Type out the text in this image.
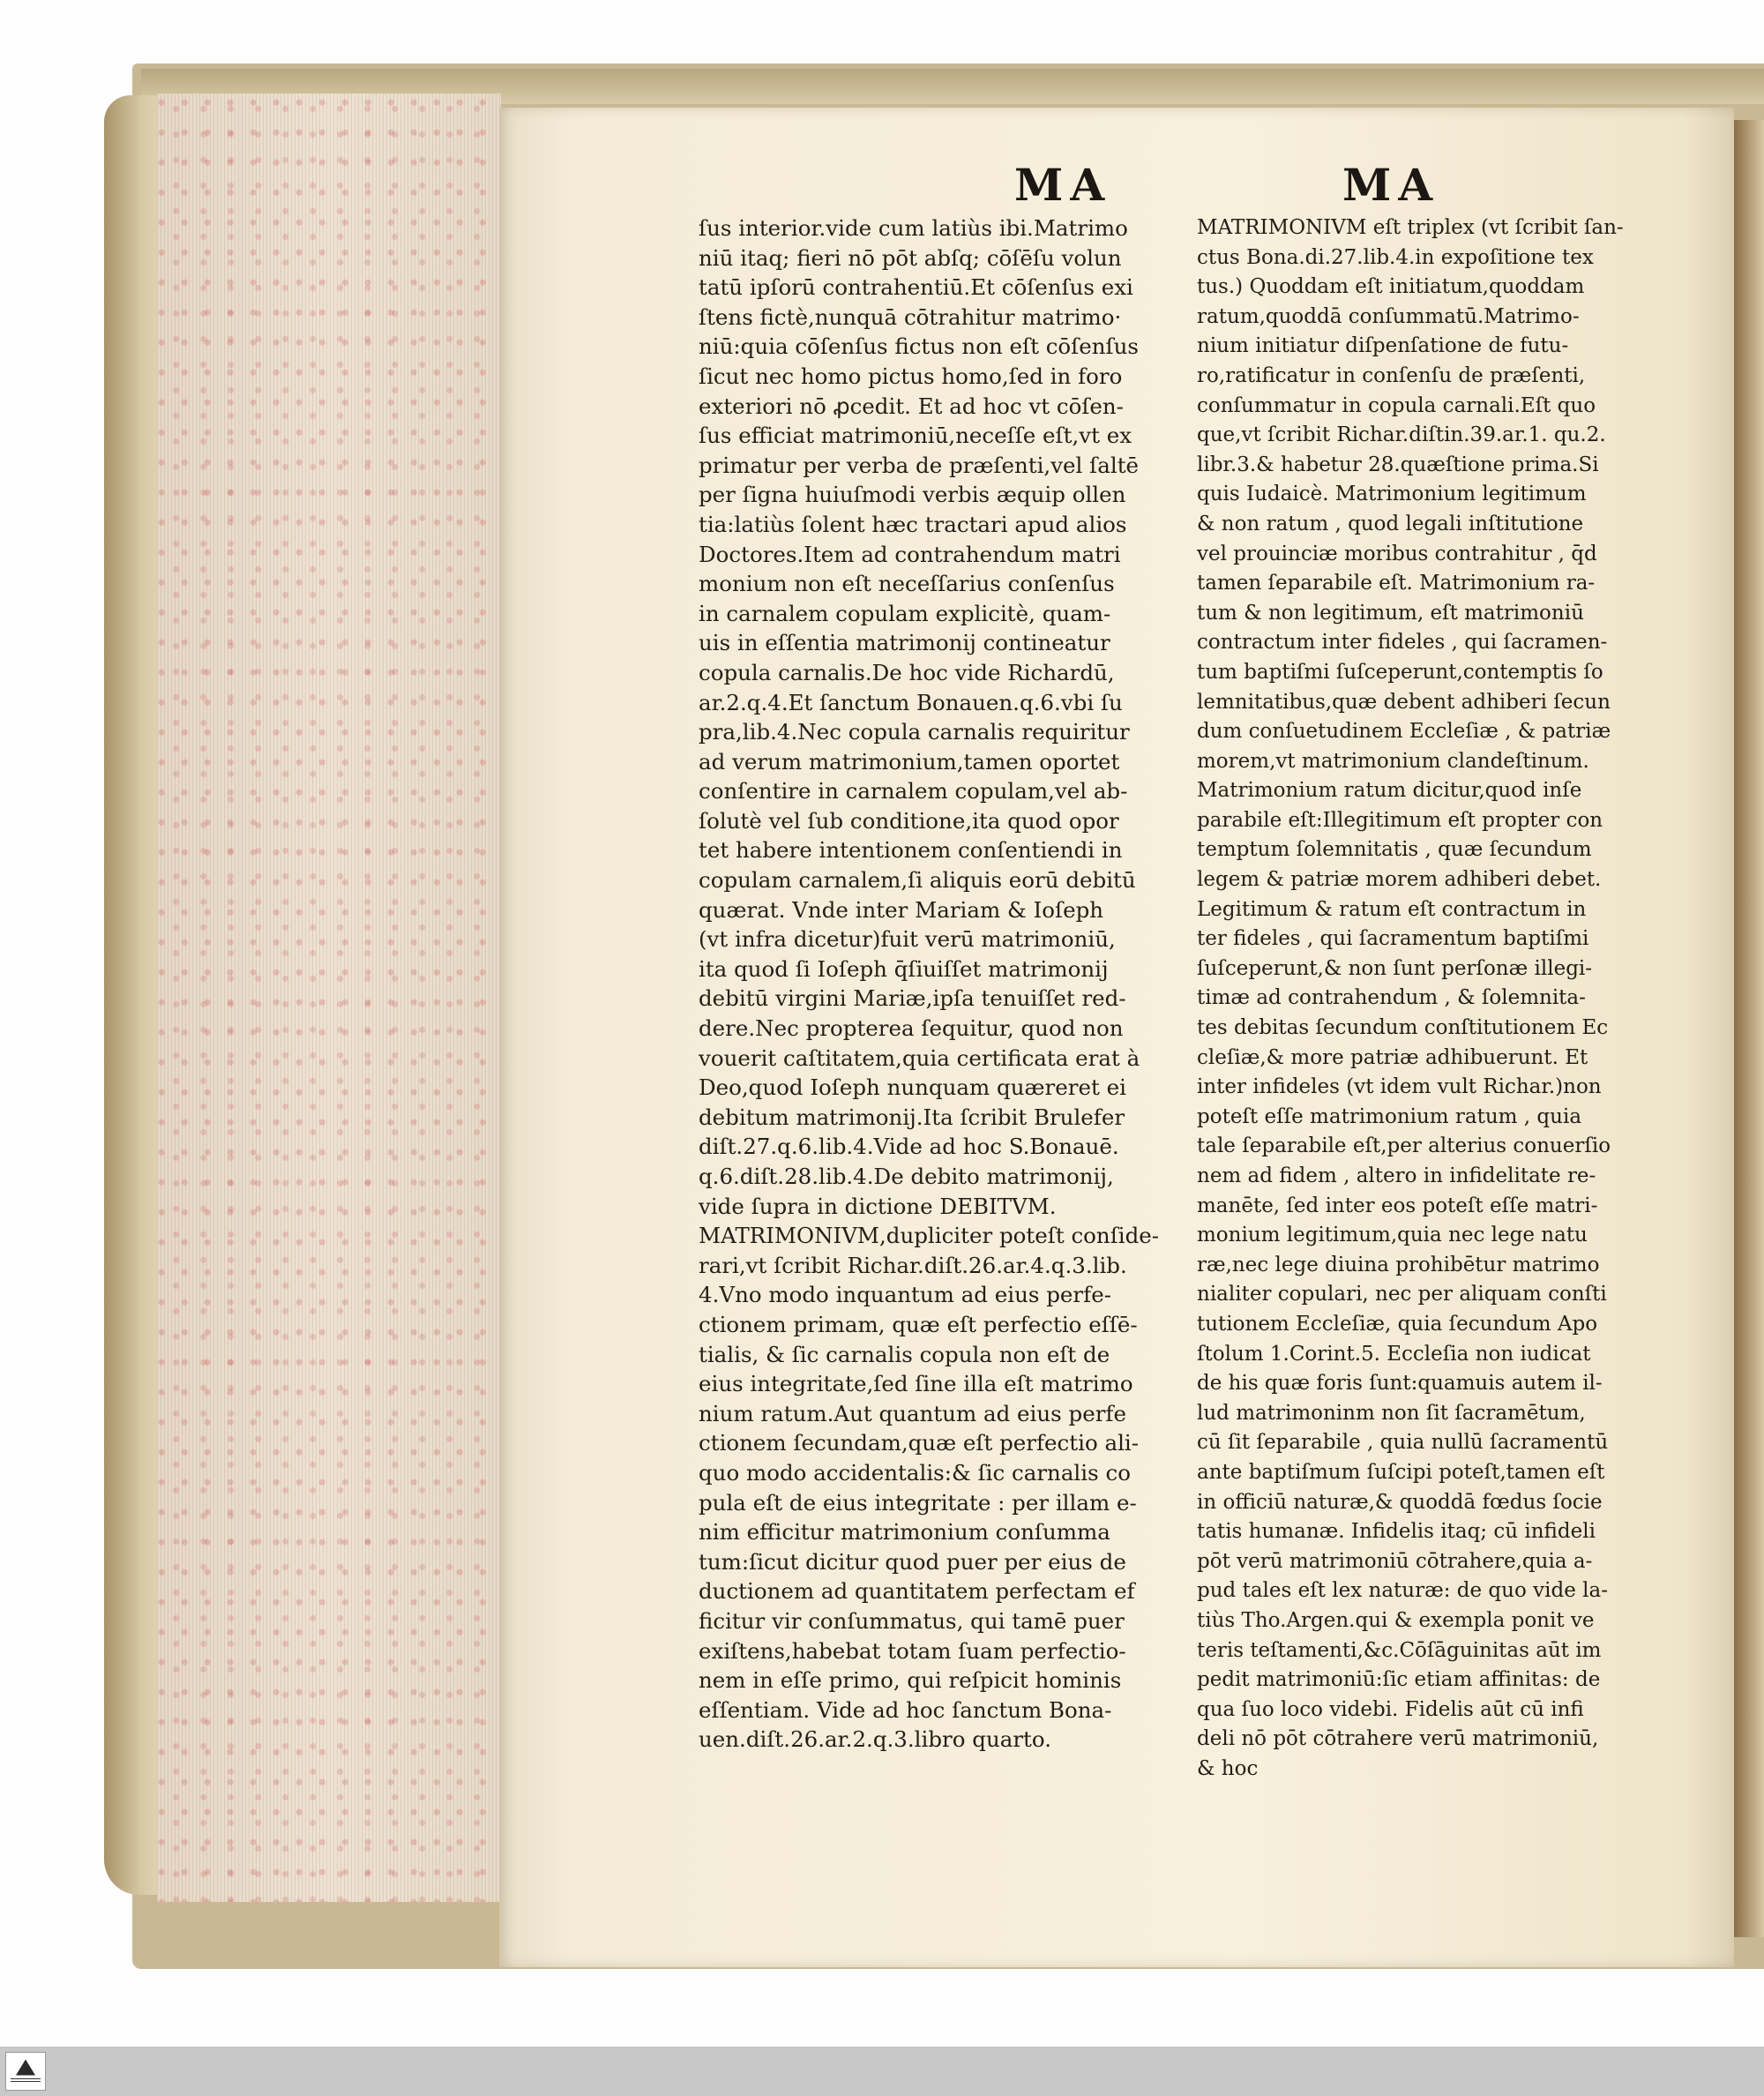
MA	MA
ſus interior.vide cum latiùs ibi.Matrimo
niū itaq; fieri nō pōt abſq; cōſēſu volun
tatū ipſorū contrahentiū.Et cōſenſus exi
ſtens fictè,nunquā cōtrahitur matrimo·
niū:quia cōſenſus fictus non eſt cōſenſus
ſicut nec homo pictus homo,ſed in foro
exteriori nō ꝓcedit. Et ad hoc vt cōſen-
ſus efficiat matrimoniū,neceſſe eſt,vt ex
primatur per verba de præſenti,vel ſaltē
per ſigna huiuſmodi verbis æquip ollen
tia:latiùs ſolent hæc tractari apud alios
Doctores.Item ad contrahendum matri
monium non eſt neceſſarius conſenſus
in carnalem copulam explicitè, quam-
uis in eſſentia matrimonij contineatur
copula carnalis.De hoc vide Richardū,
ar.2.q.4.Et ſanctum Bonauen.q.6.vbi ſu
pra,lib.4.Nec copula carnalis requiritur
ad verum matrimonium,tamen oportet
conſentire in carnalem copulam,vel ab-
ſolutè vel ſub conditione,ita quod opor
tet habere intentionem conſentiendi in
copulam carnalem,ſi aliquis eorū debitū
quærat. Vnde inter Mariam & Ioſeph
(vt infra dicetur)fuit verū matrimoniū,
ita quod ſi Ioſeph q̄ſiuiſſet matrimonij
debitū virgini Mariæ,ipſa tenuiſſet red-
dere.Nec propterea ſequitur, quod non
vouerit caſtitatem,quia certificata erat à
Deo,quod Ioſeph nunquam quæreret ei
debitum matrimonij.Ita ſcribit Brulefer
diſt.27.q.6.lib.4.Vide ad hoc S.Bonauē.
q.6.diſt.28.lib.4.De debito matrimonij,
vide ſupra in dictione DEBITVM.
MATRIMONIVM,dupliciter poteſt conſide-
rari,vt ſcribit Richar.diſt.26.ar.4.q.3.lib.
4.Vno modo inquantum ad eius perfe-
ctionem primam, quæ eſt perfectio eſſē-
tialis, & ſic carnalis copula non eſt de
eius integritate,ſed ſine illa eſt matrimo
nium ratum.Aut quantum ad eius perfe
ctionem ſecundam,quæ eſt perfectio ali-
quo modo accidentalis:& ſic carnalis co
pula eſt de eius integritate : per illam e-
nim efficitur matrimonium conſumma
tum:ſicut dicitur quod puer per eius de
ductionem ad quantitatem perfectam ef
ficitur vir conſummatus, qui tamē puer
exiſtens,habebat totam ſuam perfectio-
nem in eſſe primo, qui reſpicit hominis
eſſentiam. Vide ad hoc ſanctum Bona-
uen.diſt.26.ar.2.q.3.libro quarto.
MATRIMONIVM eſt triplex (vt ſcribit ſan-
ctus Bona.di.27.lib.4.in expoſitione tex
tus.) Quoddam eſt initiatum,quoddam
ratum,quoddā conſummatū.Matrimo-
nium initiatur diſpenſatione de futu-
ro,ratificatur in conſenſu de præſenti,
conſummatur in copula carnali.Eſt quo
que,vt ſcribit Richar.diſtin.39.ar.1. qu.2.
libr.3.& habetur 28.quæſtione prima.Si
quis Iudaicè. Matrimonium legitimum
& non ratum , quod legali inſtitutione
vel prouinciæ moribus contrahitur , q̄d
tamen ſeparabile eſt. Matrimonium ra-
tum & non legitimum, eſt matrimoniū
contractum inter fideles , qui ſacramen-
tum baptiſmi ſuſceperunt,contemptis ſo
lemnitatibus,quæ debent adhiberi ſecun
dum conſuetudinem Eccleſiæ , & patriæ
morem,vt matrimonium clandeſtinum.
Matrimonium ratum dicitur,quod inſe
parabile eſt:Illegitimum eſt propter con
temptum ſolemnitatis , quæ ſecundum
legem & patriæ morem adhiberi debet.
Legitimum & ratum eſt contractum in
ter fideles , qui ſacramentum baptiſmi
ſuſceperunt,& non ſunt perſonæ illegi-
timæ ad contrahendum , & ſolemnita-
tes debitas ſecundum conſtitutionem Ec
cleſiæ,& more patriæ adhibuerunt. Et
inter infideles (vt idem vult Richar.)non
poteſt eſſe matrimonium ratum , quia
tale ſeparabile eſt,per alterius conuerſio
nem ad fidem , altero in infidelitate re-
manēte, ſed inter eos poteſt eſſe matri-
monium legitimum,quia nec lege natu
ræ,nec lege diuina prohibētur matrimo
nialiter copulari, nec per aliquam conſti
tutionem Eccleſiæ, quia ſecundum Apo
ſtolum 1.Corint.5. Eccleſia non iudicat
de his quæ foris ſunt:quamuis autem il-
lud matrimoninm non ſit ſacramētum,
cū ſit ſeparabile , quia nullū ſacramentū
ante baptiſmum ſuſcipi poteſt,tamen eſt
in officiū naturæ,& quoddā fœdus ſocie
tatis humanæ. Infidelis itaq; cū infideli
pōt verū matrimoniū cōtrahere,quia a-
pud tales eſt lex naturæ: de quo vide la-
tiùs Tho.Argen.qui & exempla ponit ve
teris teſtamenti,&c.Cōſāguinitas aūt im
pedit matrimoniū:ſic etiam affinitas: de
qua ſuo loco videbi. Fidelis aūt cū infi
deli nō pōt cōtrahere verū matrimoniū,
& hoc
